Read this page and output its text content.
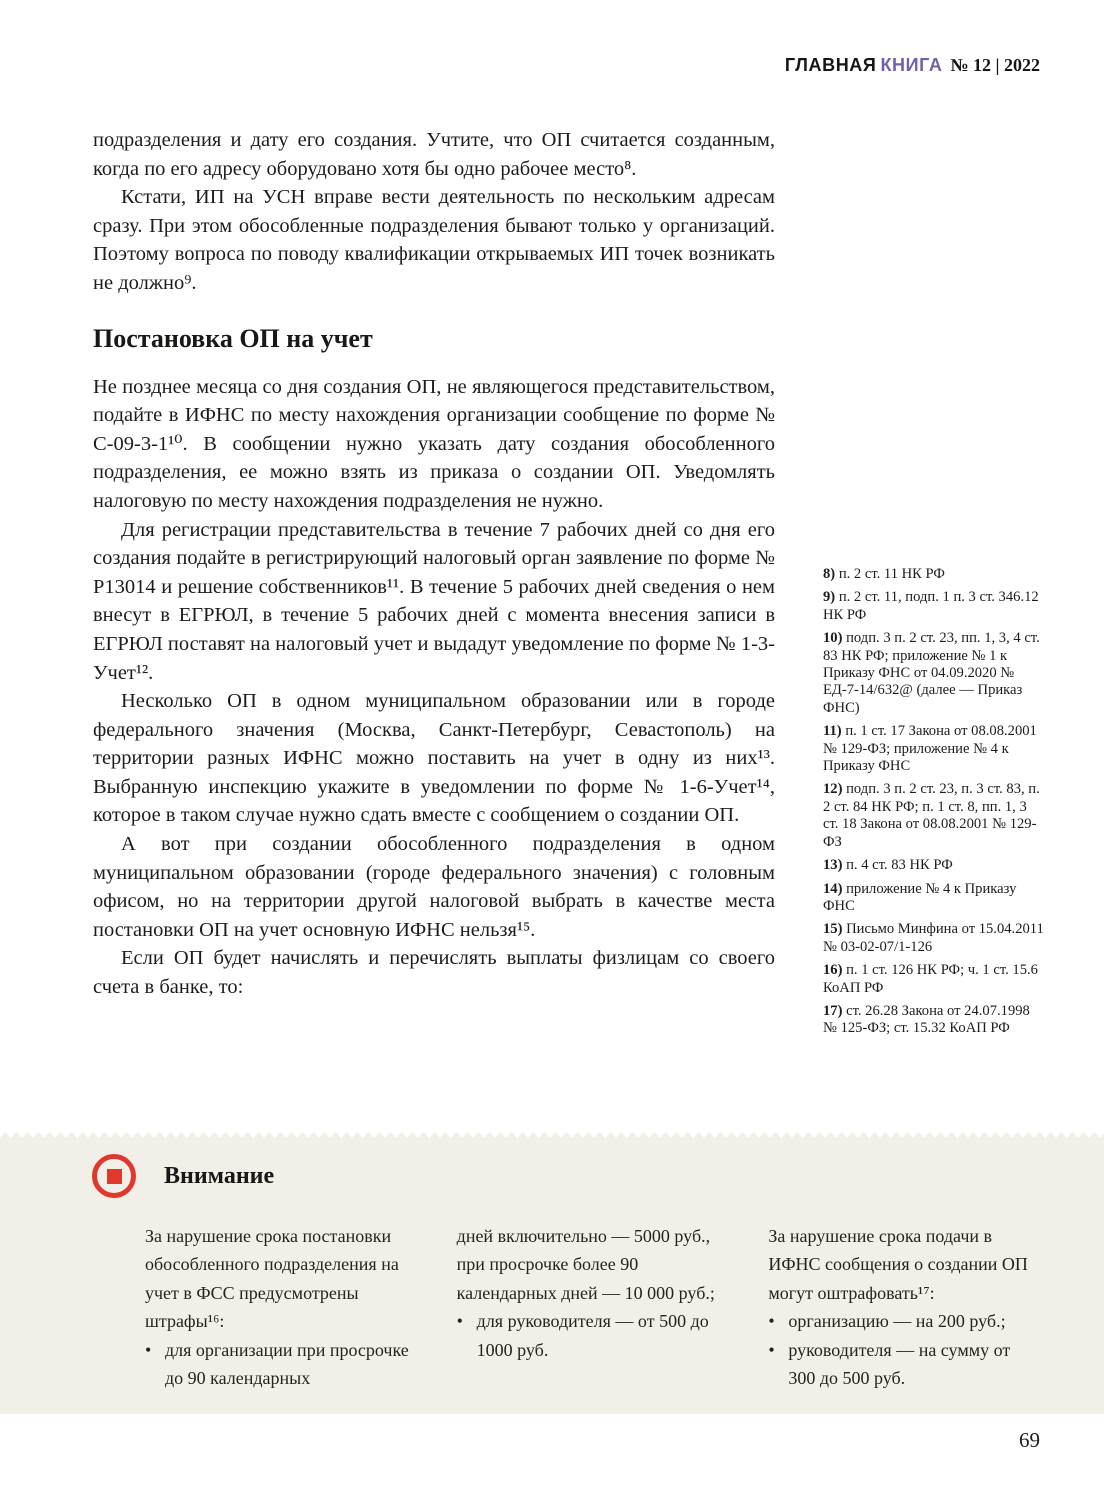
ГЛАВНАЯ КНИГА № 12 | 2022

подразделения и дату его создания. Учтите, что ОП считается созданным, когда по его адресу оборудовано хотя бы одно рабочее место⁸.

Кстати, ИП на УСН вправе вести деятельность по нескольким адресам сразу. При этом обособленные подразделения бывают только у организаций. Поэтому вопроса по поводу квалификации открываемых ИП точек возникать не должно⁹.

Постановка ОП на учет

Не позднее месяца со дня создания ОП, не являющегося представительством, подайте в ИФНС по месту нахождения организации сообщение по форме № С-09-3-1¹⁰. В сообщении нужно указать дату создания обособленного подразделения, ее можно взять из приказа о создании ОП. Уведомлять налоговую по месту нахождения подразделения не нужно.

Для регистрации представительства в течение 7 рабочих дней со дня его создания подайте в регистрирующий налоговый орган заявление по форме № Р13014 и решение собственников¹¹. В течение 5 рабочих дней сведения о нем внесут в ЕГРЮЛ, в течение 5 рабочих дней с момента внесения записи в ЕГРЮЛ поставят на налоговый учет и выдадут уведомление по форме № 1-3-Учет¹².

Несколько ОП в одном муниципальном образовании или в городе федерального значения (Москва, Санкт-Петербург, Севастополь) на территории разных ИФНС можно поставить на учет в одну из них¹³. Выбранную инспекцию укажите в уведомлении по форме № 1-6-Учет¹⁴, которое в таком случае нужно сдать вместе с сообщением о создании ОП.

А вот при создании обособленного подразделения в одном муниципальном образовании (городе федерального значения) с головным офисом, но на территории другой налоговой выбрать в качестве места постановки ОП на учет основную ИФНС нельзя¹⁵.

Если ОП будет начислять и перечислять выплаты физлицам со своего счета в банке, то:

8) п. 2 ст. 11 НК РФ
9) п. 2 ст. 11, подп. 1 п. 3 ст. 346.12 НК РФ
10) подп. 3 п. 2 ст. 23, пп. 1, 3, 4 ст. 83 НК РФ; приложение № 1 к Приказу ФНС от 04.09.2020 № ЕД-7-14/632@ (далее — Приказ ФНС)
11) п. 1 ст. 17 Закона от 08.08.2001 № 129-ФЗ; приложение № 4 к Приказу ФНС
12) подп. 3 п. 2 ст. 23, п. 3 ст. 83, п. 2 ст. 84 НК РФ; п. 1 ст. 8, пп. 1, 3 ст. 18 Закона от 08.08.2001 № 129-ФЗ
13) п. 4 ст. 83 НК РФ
14) приложение № 4 к Приказу ФНС
15) Письмо Минфина от 15.04.2011 № 03-02-07/1-126
16) п. 1 ст. 126 НК РФ; ч. 1 ст. 15.6 КоАП РФ
17) ст. 26.28 Закона от 24.07.1998 № 125-ФЗ; ст. 15.32 КоАП РФ
Внимание

За нарушение срока постановки обособленного подразделения на учет в ФСС предусмотрены штрафы¹⁶:

• для организации при просрочке до 90 календарных

дней включительно — 5000 руб., при просрочке более 90 календарных дней — 10 000 руб.;

• для руководителя — от 500 до 1000 руб.

За нарушение срока подачи в ИФНС сообщения о создании ОП могут оштрафовать¹⁷:

• организацию — на 200 руб.;
• руководителя — на сумму от 300 до 500 руб.
69
